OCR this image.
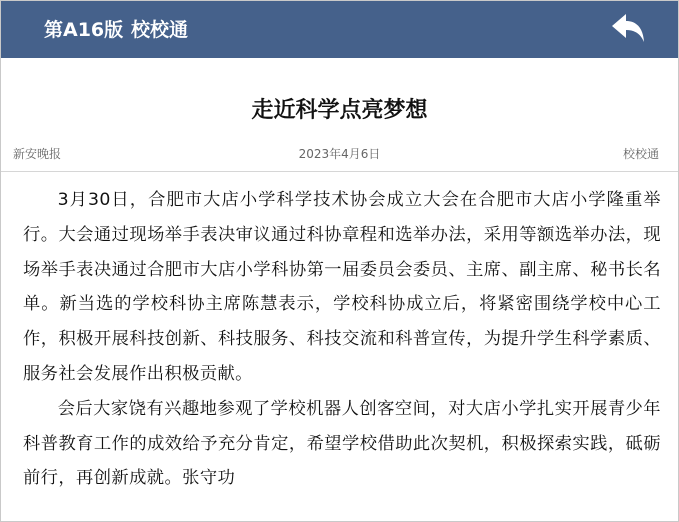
第A16版 校校通
走近科学点亮梦想
新安晚报	2023年4月6日	校校通

3月30日，合肥市大店小学科学技术协会成立大会在合肥市大店小学隆重举行。大会通过现场举手表决审议通过科协章程和选举办法，采用等额选举办法，现场举手表决通过合肥市大店小学科协第一届委员会委员、主席、副主席、秘书长名单。新当选的学校科协主席陈慧表示，学校科协成立后，将紧密围绕学校中心工作，积极开展科技创新、科技服务、科技交流和科普宣传，为提升学生科学素质、服务社会发展作出积极贡献。

会后大家饶有兴趣地参观了学校机器人创客空间，对大店小学扎实开展青少年科普教育工作的成效给予充分肯定，希望学校借助此次契机，积极探索实践，砥砺前行，再创新成就。张守功
